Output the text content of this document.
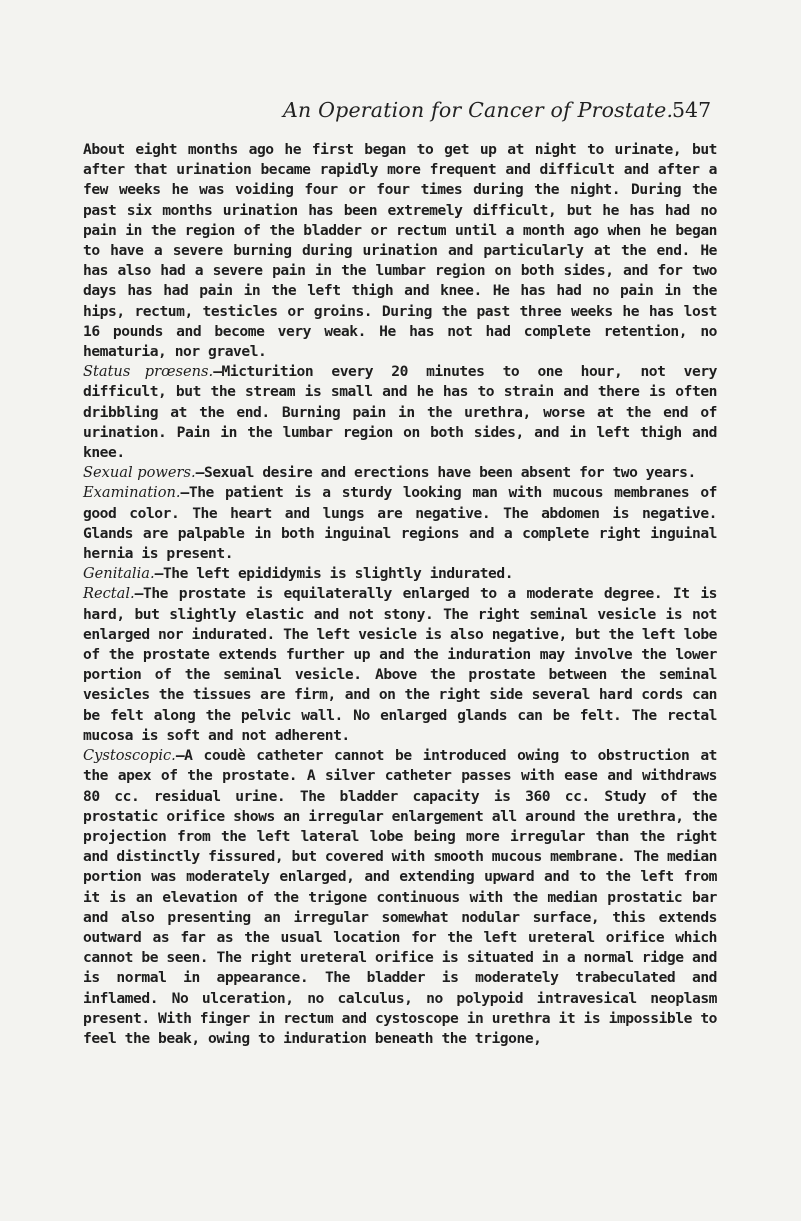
An Operation for Cancer of Prostate.
547

About eight months ago he first began to get up at night to urinate, but after that urination became rapidly more frequent and difficult and after a few weeks he was voiding four or four times during the night. During the past six months urination has been extremely difficult, but he has had no pain in the region of the bladder or rectum until a month ago when he began to have a severe burning during urination and particularly at the end. He has also had a severe pain in the lumbar region on both sides, and for two days has had pain in the left thigh and knee. He has had no pain in the hips, rectum, testicles or groins. During the past three weeks he has lost 16 pounds and become very weak. He has not had complete retention, no hematuria, nor gravel.

Status prœsens.—Micturition every 20 minutes to one hour, not very difficult, but the stream is small and he has to strain and there is often dribbling at the end. Burning pain in the urethra, worse at the end of urination. Pain in the lumbar region on both sides, and in left thigh and knee.

Sexual powers.—Sexual desire and erections have been absent for two years.

Examination.—The patient is a sturdy looking man with mucous membranes of good color. The heart and lungs are negative. The abdomen is negative. Glands are palpable in both inguinal regions and a complete right inguinal hernia is present.

Genitalia.—The left epididymis is slightly indurated.

Rectal.—The prostate is equilaterally enlarged to a moderate degree. It is hard, but slightly elastic and not stony. The right seminal vesicle is not enlarged nor indurated. The left vesicle is also negative, but the left lobe of the prostate extends further up and the induration may involve the lower portion of the seminal vesicle. Above the prostate between the seminal vesicles the tissues are firm, and on the right side several hard cords can be felt along the pelvic wall. No enlarged glands can be felt. The rectal mucosa is soft and not adherent.

Cystoscopic.—A coudè catheter cannot be introduced owing to obstruction at the apex of the prostate. A silver catheter passes with ease and withdraws 80 cc. residual urine. The bladder capacity is 360 cc. Study of the prostatic orifice shows an irregular enlargement all around the urethra, the projection from the left lateral lobe being more irregular than the right and distinctly fissured, but covered with smooth mucous membrane. The median portion was moderately enlarged, and extending upward and to the left from it is an elevation of the trigone continuous with the median prostatic bar and also presenting an irregular somewhat nodular surface, this extends outward as far as the usual location for the left ureteral orifice which cannot be seen. The right ureteral orifice is situated in a normal ridge and is normal in appearance. The bladder is moderately trabeculated and inflamed. No ulceration, no calculus, no polypoid intravesical neoplasm present. With finger in rectum and cystoscope in urethra it is impossible to feel the beak, owing to induration beneath the trigone,
